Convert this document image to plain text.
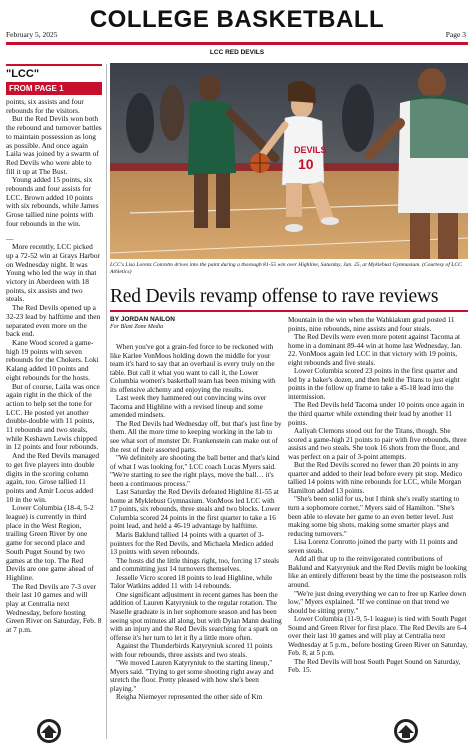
February 5, 2025
COLLEGE BASKETBALL
Page 3
LCC RED DEVILS
"LCC"
FROM PAGE 1

points, six assists and four rebounds for the visitors.

But the Red Devils won both the rebound and turnover battles to maintain possession as long as possible. And once again Laila was joined by a swarm of Red Devils who were able to fill it up at The Bust.

Young added 15 points, six rebounds and four assists for LCC. Brown added 10 points with six rebounds, while James Grose tallied nine points with four rebounds in the win.

—

More recently, LCC picked up a 72-52 win at Grays Harbor on Wednesday night. It was Young who led the way in that victory in Aberdeen with 18 points, six assists and two steals.

The Red Devils opened up a 32-23 lead by halftime and then separated even more on the back end.

Kane Wood scored a game-high 19 points with seven rebounds for the Chokers. Loki Kalang added 10 points and eight rebounds for the hosts.

But of course, Laila was once again right in the thick of the action to help set the tone for LCC. He posted yet another double-double with 11 points, 11 rebounds and two steals, while Keshawn Lewis chipped in 12 points and four rebounds.

And the Red Devils managed to get five players into double digits in the scoring column again, too. Grose tallied 11 points and Amir Locus added 10 in the win.

Lower Columbia (18-4, 5-2 league) is currently in third place in the West Region, trailing Green River by one game for second place and South Puget Sound by two games at the top. The Red Devils are one game ahead of Highline.

The Red Devils are 7-3 over their last 10 games and will play at Centralia next Wednesday, before hosting Green River on Saturday, Feb. 8 at 7 p.m.

DEVILS
10
LCC's Lisa Lorenz Conrotto drives into the paint during a thorough 81-55 win over Highline, Saturday, Jan. 25, at Myklebust Gymnasium. (Courtesy of LCC Athletics)
Red Devils revamp offense to rave reviews
BY JORDAN NAILON
For Blast Zone Media

When you've got a grain-fed force to be reckoned with like Karlee VonMoos holding down the middle for your team it's hard to say that an overhaul is every truly on the table. But call it what you want to call it, the Lower Columbia women's basketball team has been mixing with its offensive alchemy and enjoying the results.

Last week they hammered out convincing wins over Tacoma and Highline with a revised lineup and some amended mindsets.

The Red Devils had Wednesday off, but that's just fine by them. All the more time to keeping working in the lab to see what sort of monster Dr. Frankenstein can make out of the rest of their assorted parts.

"We definitely are shooting the ball better and that's kind of what I was looking for," LCC coach Lucas Myers said. "We're starting to see the right plays, move the ball… it's been a continuous process."

Last Saturday the Red Devils defeated Highline 81-55 at home at Myklebust Gymnasium. VonMoos led LCC with 17 points, six rebounds, three steals and two blocks. Lower Columbia scored 24 points in the first quarter to take a 16 point lead, and held a 46-19 advantage by halftime.

Maris Baklund tallied 14 points with a quartet of 3-pointers for the Red Devils, and Michaela Medico added 13 points with seven rebounds.

The hosts did the little things right, too, forcing 17 steals and committing just 14 turnovers themselves.

Jesselle Vicro scored 18 points to lead Highline, while Talor Watkins added 11 with 14 rebounds.

One significant adjustment in recent games has been the addition of Lauren Katyryniuk to the regular rotation. The Naselle graduate is in her sophomore season and has been seeing spot minutes all along, but with Dylan Mann dealing with an injury and the Red Devils searching for a spark on offense it's her turn to let it fly a little more often.

Against the Thunderbirds Katyryniuk scored 11 points with four rebounds, three assists and two steals.

"We moved Lauren Katyryniuk to the starting lineup," Myers said. "Trying to get some shooting right away and stretch the floor. Pretty pleased with how she's been playing."

Reigha Niemeyer represented the other side of Km

Mountain in the win when the Wahkiakum grad posted 11 points, nine rebounds, nine assists and four steals.

The Red Devils were even more potent against Tacoma at home in a dominant 89-44 win at home last Wednesday, Jan. 22. VonMoos again led LCC in that victory with 19 points, eight rebounds and five steals.

Lower Columbia scored 23 points in the first quarter and led by a baker's dozen, and then held the Titans to just eight points in the follow up frame to take a 45-18 lead into the intermission.

The Red Devils held Tacoma under 10 points once again in the third quarter while extending their lead by another 11 points.

Aaliyah Clemons stood out for the Titans, though. She scored a game-high 21 points to pair with five rebounds, three assists and two steals. She took 16 shots from the floor, and was perfect on a pair of 3-point attempts.

But the Red Devils scored no fewer than 20 points in any quarter and added to their lead before every pit stop. Medico tallied 14 points with nine rebounds for LCC, while Morgan Hamilton added 13 points.

"She's been solid for us, but I think she's really starting to turn a sophomore corner," Myers said of Hamilton. "She's been able to elevate her game to an even better level. Just making some big shots, making some smarter plays and reducing turnovers."

Lisa Lorenz Conrotto joined the party with 11 points and seven steals.

Add all that up to the reinvigorated contributions of Baklund and Katyryniuk and the Red Devils might be looking like an entirely different beast by the time the postseason rolls around.

"We're just doing everything we can to free up Karlee down low," Myers explained. "If we continue on that trend we should be sitting pretty."

Lower Columbia (11-9, 5-1 league) is tied with South Puget Sound and Green River for first place. The Red Devils are 6-4 over their last 10 games and will play at Centralia next Wednesday at 5 p.m., before hosting Green River on Saturday, Feb. 8, at 5 p.m.

The Red Devils will host South Puget Sound on Saturday, Feb. 15.
